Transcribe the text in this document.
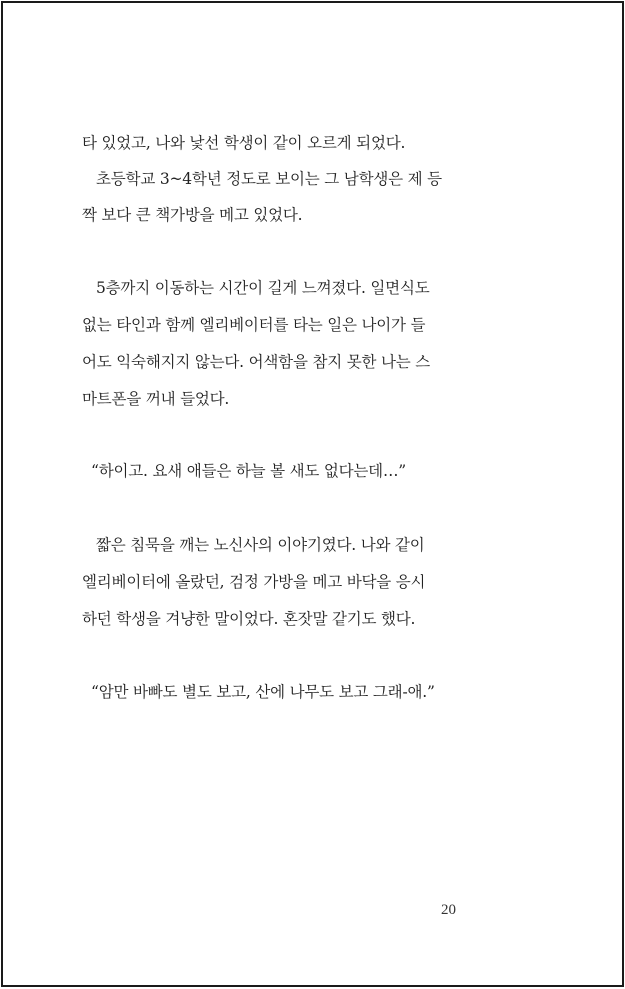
타 있었고, 나와 낯선 학생이 같이 오르게 되었다.
초등학교 3~4학년 정도로 보이는 그 남학생은 제 등
짝 보다 큰 책가방을 메고 있었다.
5층까지 이동하는 시간이 길게 느껴졌다. 일면식도
없는 타인과 함께 엘리베이터를 타는 일은 나이가 들
어도 익숙해지지 않는다. 어색함을 참지 못한 나는 스
마트폰을 꺼내 들었다.
“하이고. 요새 애들은 하늘 볼 새도 없다는데…”
짧은 침묵을 깨는 노신사의 이야기였다. 나와 같이
엘리베이터에 올랐던, 검정 가방을 메고 바닥을 응시
하던 학생을 겨냥한 말이었다. 혼잣말 같기도 했다.
“암만 바빠도 별도 보고, 산에 나무도 보고 그래-애.”
20
